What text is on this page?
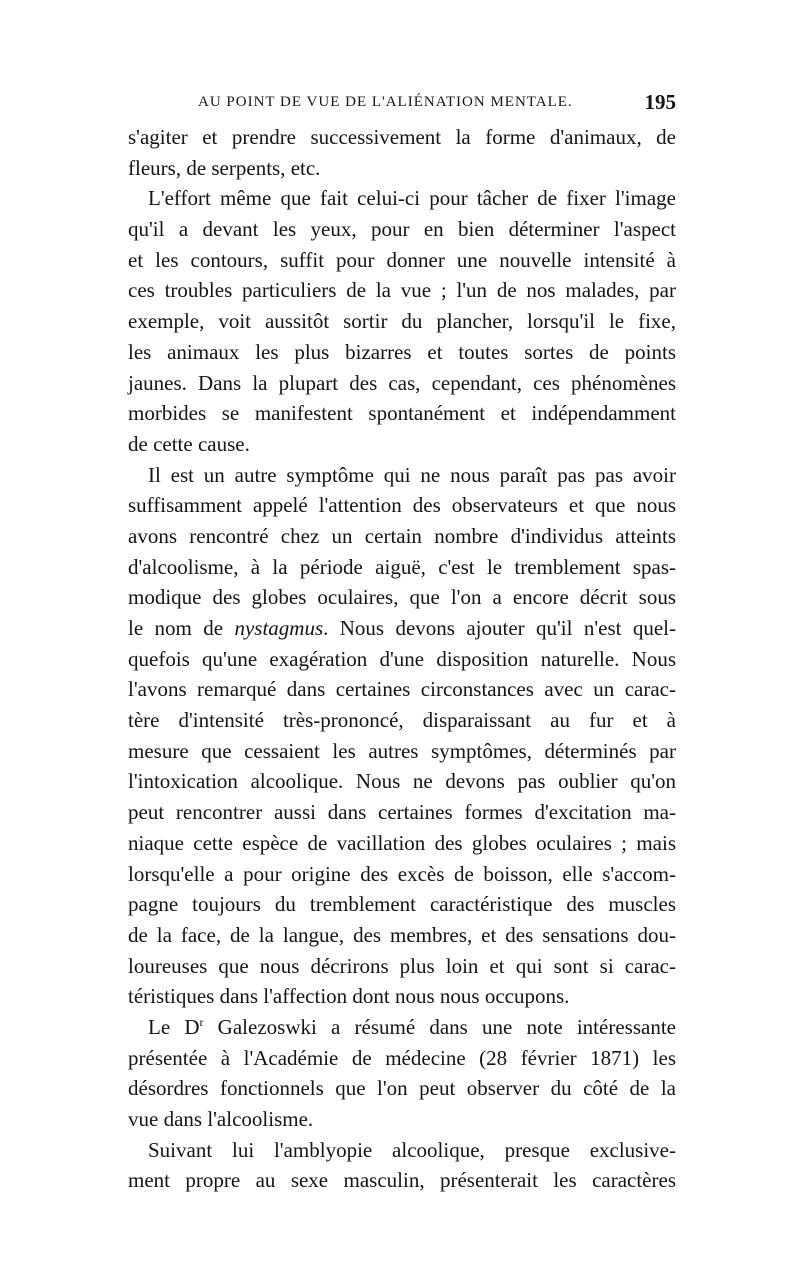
AU POINT DE VUE DE L'ALIÉNATION MENTALE.	195
s'agiter et prendre successivement la forme d'animaux, de
fleurs, de serpents, etc.
L'effort même que fait celui-ci pour tâcher de fixer l'image
qu'il a devant les yeux, pour en bien déterminer l'aspect
et les contours, suffit pour donner une nouvelle intensité à
ces troubles particuliers de la vue ; l'un de nos malades, par
exemple, voit aussitôt sortir du plancher, lorsqu'il le fixe,
les animaux les plus bizarres et toutes sortes de points
jaunes. Dans la plupart des cas, cependant, ces phénomènes
morbides se manifestent spontanément et indépendamment
de cette cause.
Il est un autre symptôme qui ne nous paraît pas pas avoir
suffisamment appelé l'attention des observateurs et que nous
avons rencontré chez un certain nombre d'individus atteints
d'alcoolisme, à la période aiguë, c'est le tremblement spas-
modique des globes oculaires, que l'on a encore décrit sous
le nom de nystagmus. Nous devons ajouter qu'il n'est quel-
quefois qu'une exagération d'une disposition naturelle. Nous
l'avons remarqué dans certaines circonstances avec un carac-
tère d'intensité très-prononcé, disparaissant au fur et à
mesure que cessaient les autres symptômes, déterminés par
l'intoxication alcoolique. Nous ne devons pas oublier qu'on
peut rencontrer aussi dans certaines formes d'excitation ma-
niaque cette espèce de vacillation des globes oculaires ; mais
lorsqu'elle a pour origine des excès de boisson, elle s'accom-
pagne toujours du tremblement caractéristique des muscles
de la face, de la langue, des membres, et des sensations dou-
loureuses que nous décrirons plus loin et qui sont si carac-
téristiques dans l'affection dont nous nous occupons.
Le $D^r$ Galezoswki a résumé dans une note intéressante
présentée à l'Académie de médecine (28 février 1871) les
désordres fonctionnels que l'on peut observer du côté de la
vue dans l'alcoolisme.
Suivant lui l'amblyopie alcoolique, presque exclusive-
ment propre au sexe masculin, présenterait les caractères
